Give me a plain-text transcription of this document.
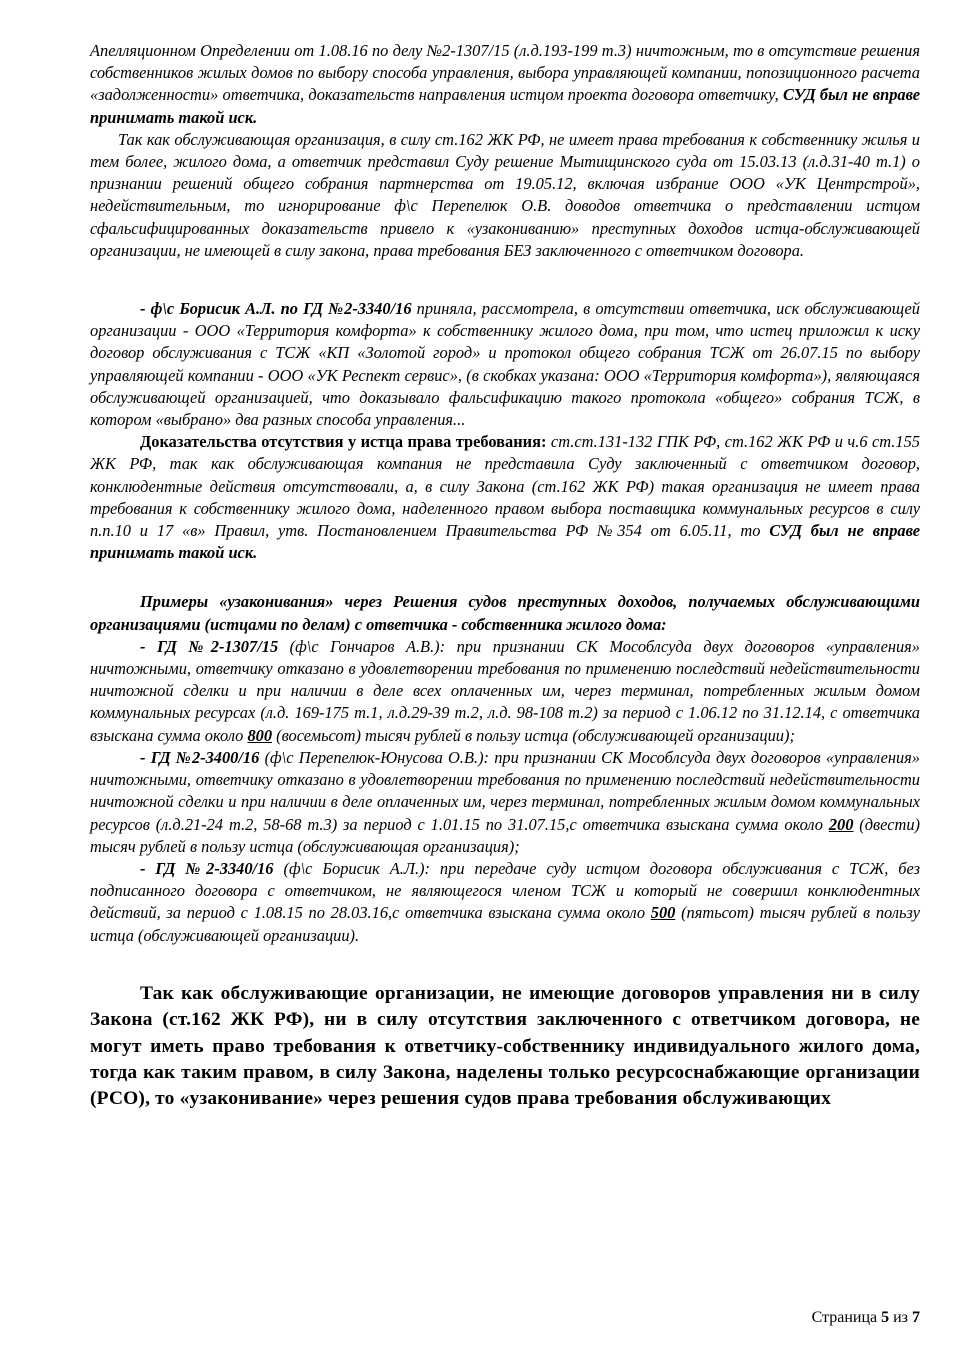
Апелляционном Определении от 1.08.16 по делу №2-1307/15 (л.д.193-199 т.3) ничтожным, то в отсутствие решения собственников жилых домов по выбору способа управления, выбора управляющей компании, попозиционного расчета «задолженности» ответчика, доказательств направления истцом проекта договора ответчику, СУД был не вправе принимать такой иск.

Так как обслуживающая организация, в силу ст.162 ЖК РФ, не имеет права требования к собственнику жилья и тем более, жилого дома, а ответчик представил Суду решение Мытищинского суда от 15.03.13 (л.д.31-40 т.1) о признании решений общего собрания партнерства от 19.05.12, включая избрание ООО «УК Центрстрой», недействительным, то игнорирование ф\с Перепелюк О.В. доводов ответчика о представлении истцом сфальсифицированных доказательств привело к «узакониванию» преступных доходов истца-обслуживающей организации, не имеющей в силу закона, права требования БЕЗ заключенного с ответчиком договора.

- ф\с Борисик А.Л. по ГД №2-3340/16 приняла, рассмотрела, в отсутствии ответчика, иск обслуживающей организации - ООО «Территория комфорта» к собственнику жилого дома, при том, что истец приложил к иску договор обслуживания с ТСЖ «КП «Золотой город» и протокол общего собрания ТСЖ от 26.07.15 по выбору управляющей компании - ООО «УК Респект сервис», (в скобках указана: ООО «Территория комфорта»), являющаяся обслуживающей организацией, что доказывало фальсификацию такого протокола «общего» собрания ТСЖ, в котором «выбрано» два разных способа управления...

Доказательства отсутствия у истца права требования: ст.ст.131-132 ГПК РФ, ст.162 ЖК РФ и ч.6 ст.155 ЖК РФ, так как обслуживающая компания не представила Суду заключенный с ответчиком договор, конклюдентные действия отсутствовали, а, в силу Закона (ст.162 ЖК РФ) такая организация не имеет права требования к собственнику жилого дома, наделенного правом выбора поставщика коммунальных ресурсов в силу п.п.10 и 17 «в» Правил, утв. Постановлением Правительства РФ №354 от 6.05.11, то СУД был не вправе принимать такой иск.

Примеры «узаконивания» через Решения судов преступных доходов, получаемых обслуживающими организациями (истцами по делам) с ответчика - собственника жилого дома:

- ГД №2-1307/15 (ф\с Гончаров А.В.): при признании СК Мособлсуда двух договоров «управления» ничтожными, ответчику отказано в удовлетворении требования по применению последствий недействительности ничтожной сделки и при наличии в деле всех оплаченных им, через терминал, потребленных жилым домом коммунальных ресурсах (л.д. 169-175 т.1, л.д.29-39 т.2, л.д. 98-108 т.2) за период с 1.06.12 по 31.12.14, с ответчика взыскана сумма около 800 (восемьсот) тысяч рублей в пользу истца (обслуживающей организации);

- ГД №2-3400/16 (ф\с Перепелюк-Юнусова О.В.): при признании СК Мособлсуда двух договоров «управления» ничтожными, ответчику отказано в удовлетворении требования по применению последствий недействительности ничтожной сделки и при наличии в деле оплаченных им, через терминал, потребленных жилым домом коммунальных ресурсов (л.д.21-24 т.2, 58-68 т.3) за период с 1.01.15 по 31.07.15,с ответчика взыскана сумма около 200 (двести) тысяч рублей в пользу истца (обслуживающая организация);

- ГД №2-3340/16 (ф\с Борисик А.Л.): при передаче суду истцом договора обслуживания с ТСЖ, без подписанного договора с ответчиком, не являющегося членом ТСЖ и который не совершил конклюдентных действий, за период с 1.08.15 по 28.03.16,с ответчика взыскана сумма около 500 (пятьсот) тысяч рублей в пользу истца (обслуживающей организации).

Так как обслуживающие организации, не имеющие договоров управления ни в силу Закона (ст.162 ЖК РФ), ни в силу отсутствия заключенного с ответчиком договора, не могут иметь право требования к ответчику-собственнику индивидуального жилого дома, тогда как таким правом, в силу Закона, наделены только ресурсоснабжающие организации (РСО), то «узаконивание» через решения судов права требования обслуживающих

Страница 5 из 7
